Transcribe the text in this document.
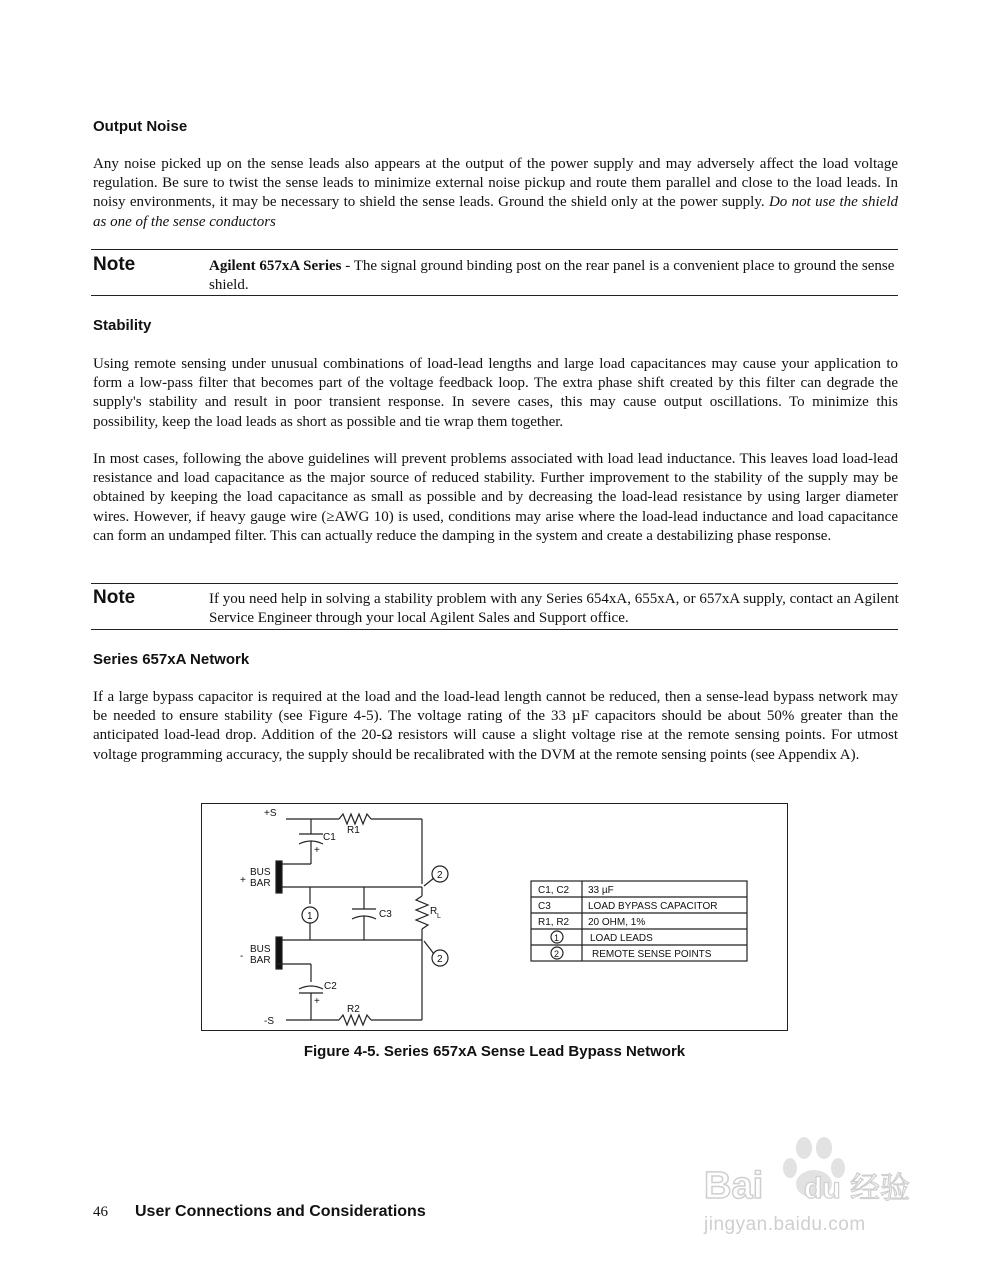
Output Noise
Any noise picked up on the sense leads also appears at the output of the power supply and may adversely affect the load voltage regulation. Be sure to twist the sense leads to minimize external noise pickup and route them parallel and close to the load leads. In noisy environments, it may be necessary to shield the sense leads. Ground the shield only at the power supply. Do not use the shield as one of the sense conductors
Note	Agilent 657xA Series - The signal ground binding post on the rear panel is a convenient place to ground the sense shield.
Stability
Using remote sensing under unusual combinations of load-lead lengths and large load capacitances may cause your application to form a low-pass filter that becomes part of the voltage feedback loop. The extra phase shift created by this filter can degrade the supply's stability and result in poor transient response. In severe cases, this may cause output oscillations. To minimize this possibility, keep the load leads as short as possible and tie wrap them together.
In most cases, following the above guidelines will prevent problems associated with load lead inductance. This leaves load load-lead resistance and load capacitance as the major source of reduced stability. Further improvement to the stability of the supply may be obtained by keeping the load capacitance as small as possible and by decreasing the load-lead resistance by using larger diameter wires. However, if heavy gauge wire (≥AWG 10) is used, conditions may arise where the load-lead inductance and load capacitance can form an undamped filter. This can actually reduce the damping in the system and create a destabilizing phase response.
Note	If you need help in solving a stability problem with any Series 654xA, 655xA, or 657xA supply, contact an Agilent Service Engineer through your local Agilent Sales and Support office.
Series 657xA Network
If a large bypass capacitor is required at the load and the load-lead length cannot be reduced, then a sense-lead bypass network may be needed to ensure stability (see Figure 4-5). The voltage rating of the 33 µF capacitors should be about 50% greater than the anticipated load-lead drop. Addition of the 20-Ω resistors will cause a slight voltage rise at the remote sensing points. For utmost voltage programming accuracy, the supply should be recalibrated with the DVM at the remote sensing points (see Appendix A).
+S
-S
C1
+
C2
+
C3
R1
R2
R L
BUS
BAR
+
BUS
BAR
-
1
2
2
C1, C2 33 µF
C3	LOAD BYPASS CAPACITOR
R1, R2 20 OHM, 1%
1	LOAD LEADS
2	REMOTE SENSE POINTS
Figure 4-5. Series 657xA Sense Lead Bypass Network
46 User Connections and Considerations
Bai du 经验
jingyan.baidu.com
